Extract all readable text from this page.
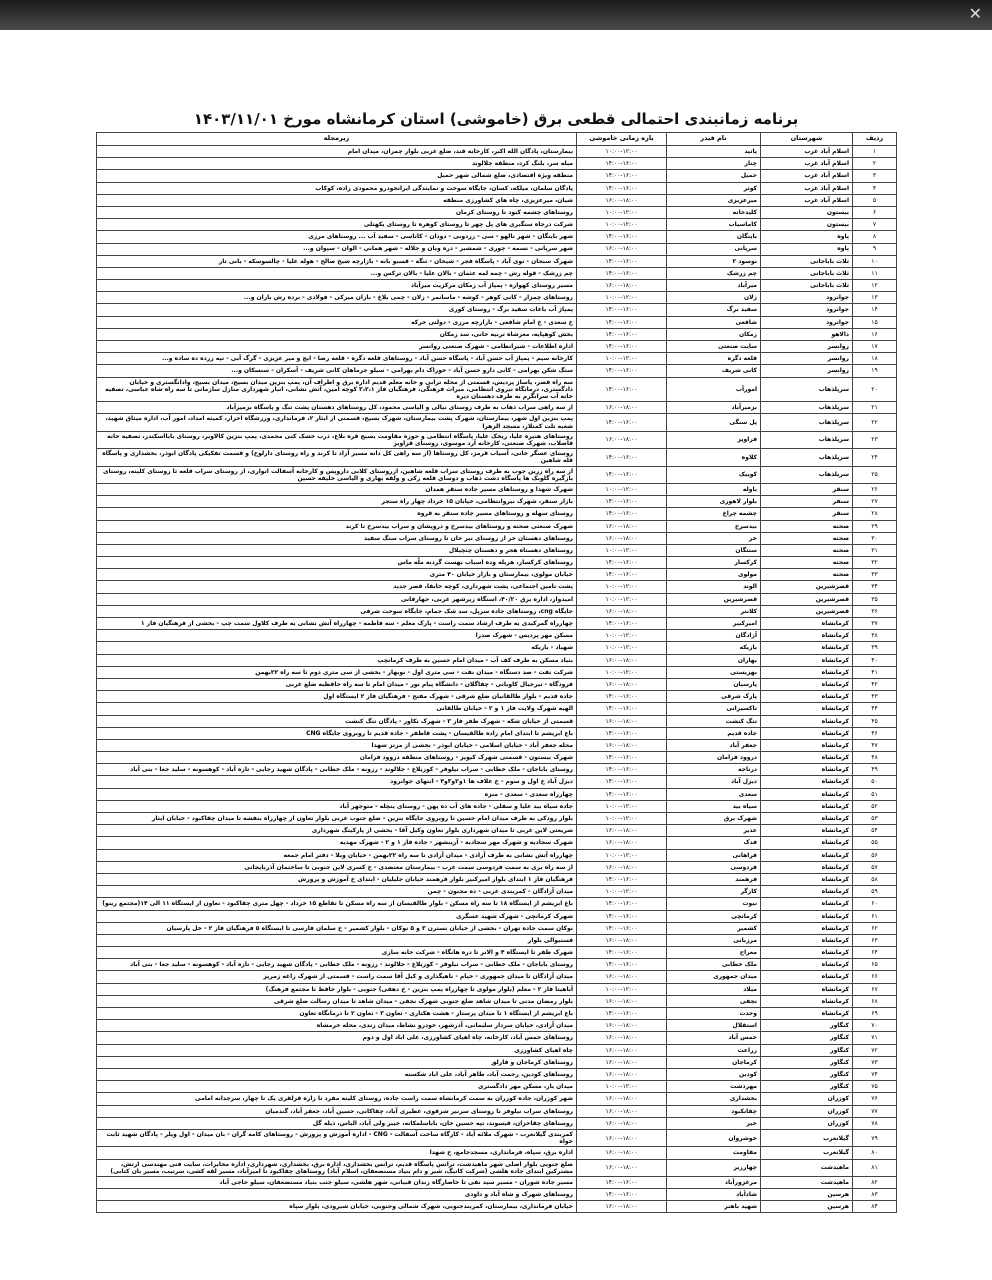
✕
برنامه زمانبندی احتمالی قطعی برق (خاموشی) استان کرمانشاه مورخ ۱۴۰۳/۱۱/۰۱
ردیف	شهرستان	نام فیدر	بازه زمانی خاموشی	زیرمجله
۱	اسلام آباد غرب	پاتید	۱۰:۰۰-۱۲:۰۰	بیمارستان، پادگان الله اکبر، کارخانه قند، ضلع غربی بلوار چمران، میدان امام
۲	اسلام آباد غرب	چنار	۱۴:۰۰-۱۶:۰۰	میله سر، بلنگ کرد، منطقه جلالوند
۳	اسلام آباد غرب	حمیل	۱۴:۰۰-۱۶:۰۰	منطقه ویژه اقتصادی، ضلع شمالی شهر حمیل
۴	اسلام آباد غرب	کوثر	۱۴:۰۰-۱۶:۰۰	پادگان سلمان، میلکه، کسان، جایگاه سوخت و نمایندگی ایرانخودرو محمودی زاده، کوکاب
۵	اسلام آباد غرب	میرعزیزی	۱۶:۰۰-۱۸:۰۰	شیان، میرعزیزی، چاه های کشاورزی منطقه
۶	بیستون	کلیدخانه	۱۰:۰۰-۱۲:۰۰	روستاهای چشمه کبود تا روستای کرمان
۷	بیستون	کاماسیاب	۱۰:۰۰-۱۲:۰۰	شرکت درجاه سنگبری های پل چهر تا روستای کوهره تا روستای یکهتلی
۸	پاوه	باینگان	۱۴:۰۰-۱۶:۰۰	شهر باینگان - شهر نالهو - سی - زردوبی - دودان - کاناسی - سفید آب ... روستاهای مرزی
۹	پاوه	سرپانی	۱۶:۰۰-۱۸:۰۰	شهر سرپانی - نسمه - چوری - شمشیر - دره ویان و جلاله - شهر همانی - الوان - سپوان و...
۱۰	ثلاث باباجانی	نوسود ۲	۱۴:۰۰-۱۶:۰۰	شهرک سبحان - نوی آباد - پاسگاه فجر - شیخان - تنگه - قسبو بانه - بازارچه شیخ صالح - هوله علیا - چالسوسکه - بانی تار
۱۱	ثلاث باباجانی	چم زرشک	۱۴:۰۰-۱۶:۰۰	چم زرشک - قوله رش - چمه لمه عثمان - بالان علیا - بالان ترکس و...
۱۲	ثلاث باباجانی	میرآباد	۱۶:۰۰-۱۸:۰۰	مسیر روستای کهواره - پمپاژ آب زمکان مرکزیت میرآباد
۱۳	جوانرود	زلان	۱۰:۰۰-۱۲:۰۰	روستاهای چمزار - کانی کوهر - کوشه - ماسانمر - زلان - چمی بلاغ - بازان میرکی - فولادی - برده رش باران و...
۱۴	جوانرود	سفید برگ	۱۴:۰۰-۱۶:۰۰	پمپاژ آب باغات سفید برگ - روستای کوری
۱۵	جوانرود	شافعی	۱۴:۰۰-۱۶:۰۰	خ سعدی - خ امام شافعی - بازارچه مرزی - دولتی خرکه
۱۶	دالاهو	زمکان	۱۴:۰۰-۱۶:۰۰	بخش کوهپایه، مغرشاه تربیه خانی، سد زمکان
۱۷	روانسر	سایت صنعتی	۱۴:۰۰-۱۶:۰۰	اداره اطلاعات - شیرانظامی - شهرک صنعتی روانسر
۱۸	روانسر	قلعه دگره	۱۰:۰۰-۱۲:۰۰	کارخانه سیم - پمپاژ آب حسن آباد - پاسگاه حسن آباد - روستاهای قلعه دگره - قلعه رضا - ایج و میر عزیزی - گرگ آبی - تپه زرده ده ساده و...
۱۹	روانسر	کانی شریف	۱۴:۰۰-۱۶:۰۰	سنگ شکن بهرامی - کانی دارو حسن آباد - خوراک دام بهرامی - سیلو جرماهان کانی شریف - آسکران - سنسکان و...
۲۰	سرپلذهاب	امورآب	۱۴:۰۰-۱۶:۰۰	سه راه قصر، پاساژ پردیس، قسمتی از محله ترابی و خانه معلم قدیم اداره برق و اطراف آن، پمپ بنزین میدان بسیج، میدان بسیج، وادانگستری و خیابان دادگستری، درمانگاه نیروی انتظامی، میراث فرهنگی، فرهنگیان فاز ۳،۲،۱ کوچه امین، آتش نشانی، انبار شهرداری منازل سازمانی تا سه راه شاه عباسی، تصفیه خانه آب سرانگرم به طرف دهستان دیره
۲۱	سرپلذهاب	بزمیرآباد	۱۶:۰۰-۱۸:۰۰	از سه راهی سراب ذهاب به طرف روستای نیالی و الیاسی محمود، کل روستاهای دهستان پشت تنگ و پاسگاه بزمیرآباد
۲۲	سرپلذهاب	پل سنگی	۱۴:۰۰-۱۶:۰۰	پمپ بنزین اول شهر، بیمارستان، شهرک پشت بیمارستان، شهرک بسیج، قسمتی از ایثار ۲، فرمانداری، ورزشگاه احرار، کمیته امداد، امور آب، اداره میثاق شهید، شعبه تلت کمتلار، مسجد الزهرا
۲۳	سرپلذهاب	فراویز	۱۶:۰۰-۱۸:۰۰	روستاهای هنیره علیا، ریخک علیا، پاسگاه انتظامی و حوزه مقاومت بسیج قره بلاغ، درب خشک کنی محمدی، پمپ بنزین کالاویر، روستای بابااسکندر، تصفیه خانه فاضلاب، شهرک صنعتی، کارخانه آرد موسوی، روستای قراویز
۲۴	سرپلذهاب	کلاوه	۱۴:۰۰-۱۶:۰۰	روستای عسگر خانی، آسیاب قرمز، کل روستاها (از سه راهی کل دانه مسیر آزاد تا کرند و راه روستای دارلوخ) و قسمت تفکیکی پادگان ابوذر، بخشداری و پاسگاه قله شاهین
۲۵	سرپلذهاب	کوییک	۱۴:۰۰-۱۶:۰۰	از سه راه زرین جوب به طرف روستای سراب قلعه شاهین، ازروستای کلانی داروپس و کارخانه آسفالت انواری، از روستای سراب قلعه تا روستای کلینه، روستای بازگیره گلوبک ها پاسگاه دشت ذهاب و دوسای قلعه زکی و ولقه بهاری و الیاسی خلیفه حسین
۲۶	سنقر	باوله	۱۰:۰۰-۱۲:۰۰	شهرک شهدا و روستاهای مسیر جاده سنقر همدان
۲۷	سنقر	بلوار لاهوری	۱۴:۰۰-۱۶:۰۰	بازار سنقر، شهرک نیروانتظامی، خیابان ۱۵ خرداد چهار راه سنجر
۲۸	سنقر	چشمه چراغ	۱۴:۰۰-۱۶:۰۰	روستای سهله و روستاهای مسیر جاده سنقر به قروه
۲۹	صحنه	بیدسرخ	۱۶:۰۰-۱۸:۰۰	شهرک صنعتی صحنه و روستاهای بیدسرخ و دروپشان و سراب بیدسرخ تا کرند
۳۰	صحنه	خر	۱۶:۰۰-۱۸:۰۰	روستاهای دهستان خر از روستای نیر خان تا روستای سراب سنگ سفید
۳۱	صحنه	سنتگان	۱۰:۰۰-۱۲:۰۰	روستاهای دهستاه هجر و دهستان چنچیلال
۳۲	صحنه	کرکسار	۱۴:۰۰-۱۶:۰۰	روستاهای کرکسار، هریله وده اسیاب بهست گردنه ملّه ماس
۳۳	صحنه	مولوی	۱۴:۰۰-۱۶:۰۰	خیابان مولوی، بیمارستان و بازار خیابان ۴۰ متری
۳۴	قصرشیرین	الوند	۱۰:۰۰-۱۲:۰۰	پشت تامین اجتماعی، پشت شهرداری، کوچه خانقا، قصر جدید
۳۵	قصرشیرین	قصرشیرین	۱۰:۰۰-۱۲:۰۰	امیدوار، اداره برق ۴۰/۲۰، استگاه زیرشهر غربی، جهارفانی
۳۶	قصرشیرین	کلانتر	۱۶:۰۰-۱۸:۰۰	جایگاه cng، روستاهای جاده سرپل، سد شک حمام، جایگاه سوخت شرفی
۳۷	کرمانشاه	امیرکبیر	۱۴:۰۰-۱۶:۰۰	چهارراه گمرکیدی به طرف ارشاد سمت راست - پارک معلم - سه فاطمه - چهارراه آتش نشانی به طرف کلاول سمت چپ - بخشی از فرهنگیان فاز ۱
۳۸	کرمانشاه	آزادگان	۱۰:۰۰-۱۲:۰۰	مسکن مهر پردیس - شهرک صدرا
۳۹	کرمانشاه	بازیکه	۱۰:۰۰-۱۲:۰۰	شهیاد - بازیکه
۴۰	کرمانشاه	بهاران	۱۶:۰۰-۱۸:۰۰	بنیاد مسکن به طرف کف آب - میدان امام حسین به طرف کرمانچپ
۴۱	کرمانشاه	بهزیستی	۱۰:۰۰-۱۲:۰۰	شرکت نفت - صد دستگاه - میدان نفت - سی متری اول - نوبهار - بخشی از سی متری دوم تا سه راه ۲۲بهمن
۴۲	کرمانشاه	پارسیان	۱۶:۰۰-۱۸:۰۰	فرودگاه - تیرجیال کاوبانی - چقاگلان - دانشگاه پیام نور - میدان امام تا سه راه حافظیه ضلع غربی
۴۳	کرمانشاه	پارک شرقی	۱۴:۰۰-۱۶:۰۰	جاده قدیم - بلوار طالقانیان ضلع شرقی - شهرک مفتح - فرهنگیان فاز ۲ ایستگاه اول
۴۴	کرمانشاه	تاکسیرانی	۱۴:۰۰-۱۶:۰۰	الهیه شهرک ولایت فاز ۱ و ۲ - خیابان طالقانی
۴۵	کرمانشاه	تنگ کنشت	۱۶:۰۰-۱۸:۰۰	قسمتی از خیابان شکه - شهرک ظفر فاز ۳ - شهرک نکاور - پادگان تنگ کنشت
۴۶	کرمانشاه	جاده قدیم	۱۴:۰۰-۱۶:۰۰	باغ ابریشم تا ابتدای امام زاده طالقیسان - پشت قاطفر - جاده قدیم تا روبروی جایگاه CNG
۴۷	کرمانشاه	جعفر آباد	۱۶:۰۰-۱۸:۰۰	محله جعفر آباد - خیابان اسلامی - خیابان ابوذر - بخشی از مرتز شهدا
۴۸	کرمانشاه	دروود فرامان	۱۴:۰۰-۱۶:۰۰	شهرک بیستون - قسمتی شهرک کیویز - روستاهای منطقه دروود فرامان
۴۹	کرمانشاه	درناجه	۱۴:۰۰-۱۶:۰۰	روستای باباجان - ملک خطابی - سراب نیلوفر - کوزیلاغ - جلالوند - رزونه - ملک خطابی - پادگان شهید رجایی - تازه آباد - کوهسونه - سلید جغا - بنی آباد
۵۰	کرمانشاه	دیزل آباد	۱۴:۰۰-۱۶:۰۰	دیزل آباد خ اول و سوم - خ علاف ها ۱و۲و۳و۴ - انتهای جوانرود
۵۱	کرمانشاه	سعدی	۱۴:۰۰-۱۶:۰۰	چهارراه سعدی - سعدی - منزه
۵۲	کرمانشاه	سیاه بید	۱۰:۰۰-۱۲:۰۰	جاده سیاه بید علیا و سفلی - جاده های آب ده پهن - روستای ینچله - متوجهر آباد
۵۳	کرمانشاه	شهرک برق	۱۰:۰۰-۱۲:۰۰	بلوار رودکی به طرف میدان امام حسین تا روبروی جایگاه بنزین - ضلع جنوب غربی بلوار تعاون از چهارراه بنفشه تا میدان چقاکبود - خیابان ایثار
۵۴	کرمانشاه	عدیر	۱۶:۰۰-۱۸:۰۰	شریعتی لاین غربی تا میدان شهرداری بلوار تعاون وکیل آقا - بخشی از پارکینگ شهرداری
۵۵	کرمانشاه	فدک	۱۶:۰۰-۱۸:۰۰	شهرک سجادیه و شهرک مهر سجادیه - آرینشهر - جاده فاز ۱ و ۲ - شهرک مهدیه
۵۶	کرمانشاه	فراهانی	۱۰:۰۰-۱۲:۰۰	چهارراه آتش نشانی به طرف آزادی - میدان آزادی تا سه راه ۲۲بهمن - خیابان ویلا - دفتر امام جمعه
۵۷	کرمانشاه	فردوسی	۱۶:۰۰-۱۸:۰۰	از سه راه بری به سمت فردوسی سمت غرب - بیمارستان معتضدی - خ کسری لاین جنوبی تا ساختمان آذربایجانی
۵۸	کرمانشاه	فرهمند	۱۴:۰۰-۱۶:۰۰	فرهنگیان فاز ۱ ابتدای بلوار امیرکبیر بلوار فرهمند خیابان جلیلیان - ابتدای خ آموزش و پرورش
۵۹	کرمانشاه	کارگر	۱۰:۰۰-۱۲:۰۰	میدان آزادگان - کمربندی غربی - ده مجنون - چمن
۶۰	کرمانشاه	نیوت	۱۴:۰۰-۱۶:۰۰	باغ ابریشم از ایستگاه ۱۸ تا سه راه مسکن - بلوار طالقیسان از سه راه مسکن تا تقاطع ۱۵ خرداد - چهل متری چقاکبود - تعاون از ایستگاه ۱۱ الی ۱۴(مجتمع ربنو)
۶۱	کرمانشاه	کرمانچی	۱۴:۰۰-۱۶:۰۰	شهرک کرمانچی - شهرک شهید عسگری
۶۲	کرمانشاه	کشمیر	۱۴:۰۰-۱۶:۰۰	نوکان سمت جاده تهران - بخشی از خیابان نسترن ۳ و ۵ نوکان - بلوار کشمیر - خ سلمان فارسی تا ایستگاه ۵ فرهنگیان فاز ۲ - خل پارسیان
۶۳	کرمانشاه	مرزبانی	۱۶:۰۰-۱۸:۰۰	فستیوالی بلوار
۶۴	کرمانشاه	معراج	۱۴:۰۰-۱۶:۰۰	شهرک ظفر تا ایستگاه ۴ و الانر تا دره هانگاه - شرکت خانه سازی
۶۵	کرمانشاه	ملک خطابی	۱۴:۰۰-۱۶:۰۰	روستای باباجان - ملک خطابی - سراب نیلوفر - کوزیلاغ - جلالوند - رزونه - ملک خطابی - پادگان شهید رجایی - تازه آباد - کوهسونه - سلید جغا - بنی آباد
۶۶	کرمانشاه	میدان جمهوری	۱۶:۰۰-۱۸:۰۰	میدان آزادگان تا میدان جمهوری - خیام - ناهیگذاری و کیل آقا سمت راست - قسمتی از شهرک زاغه زمریز
۶۷	کرمانشاه	میلاد	۱۰:۰۰-۱۲:۰۰	آناهیتا فاز ۲ - معلم (بلوار مولوی تا چهارراه پمپ بنزین - خ دهقی) جنوبی - بلوار حافظ تا مجتمع فرهنگ)
۶۸	کرمانشاه	نجفی	۱۶:۰۰-۱۸:۰۰	بلوار رمضان مدنی تا میدان شاهد ضلع جنوبی شهرک نجفی - میدان شاهد تا میدان رسالت ضلع شرقی
۶۹	کرمانشاه	وحدت	۱۴:۰۰-۱۶:۰۰	باغ ابریشم از ایستگاه ۱ تا میدان پرستار - هشت هکتاری - تعاون ۳ - تعاون ۲ تا درمانگاه تعاون
۷۰	کنگاور	استقلال	۱۶:۰۰-۱۸:۰۰	میدان آزادی، خیابان سردار سلیمانی، آذرشهر، خودرو نشاط، میدان زندی، محله خرمشاه
۷۱	کنگاور	خمس آباد	۱۶:۰۰-۱۸:۰۰	روستاهای خمس آباد، کارخانه، چاه اهیای کشاورزی، علی اباد اول و دوم
۷۲	کنگاور	زراعت	۱۶:۰۰-۱۸:۰۰	چاه اهیای کشاورزی
۷۳	کنگاور	کرماجان	۱۶:۰۰-۱۸:۰۰	روستاهای کرماجان و قارلق
۷۴	کنگاور	کودین	۱۶:۰۰-۱۸:۰۰	روستاهای کودین، رحمت آباد، طاهر آباد، علی اباد شکسته
۷۵	کنگاور	مهردشت	۱۰:۰۰-۱۲:۰۰	میدان باز، مسکن مهر دادگستری
۷۶	کوزران	بخشداری	۱۶:۰۰-۱۸:۰۰	شهر کوزران، جاده کوزران به سمت کرمانشاه سمت راست جاده، روستای کلینه مفرد تا زاره قزلقری یک تا چهار، سرجدانه امامی
۷۷	کوزران	چقانکبود	۱۶:۰۰-۱۸:۰۰	روستاهای سراب نیلوفر تا روستای سرنیر شرقوی، غطیری آباد، چقاکانی، حسین آباد، جعفر آباد، گندمیان
۷۸	کوزران	خیر	۱۶:۰۰-۱۸:۰۰	روستاهای چقاخزان، قیسوند، تپه حسین خان، باباسلمکانه، خیبر ولی آباد، الیاس، ذیله گل
۷۹	گیلانغرب	خوشروان	۱۶:۰۰-۱۸:۰۰	کمربندی گیلانغرب - شهرک ملائه آباد - کارگاه ساخت آسفالت - CNG - اداره آموزش و پرورش - روستاهای کامه گران - بان میدان - اول ویلر - پادگان شهید ثابت خواه
۸۰	گیلانغرب	مقاومت	۱۶:۰۰-۱۸:۰۰	اداره برق، سپاه، فرمانداری، مسجدجامع، خ شهدا
۸۱	ماهیدشت	چهارزبر	۱۶:۰۰-۱۸:۰۰	ضلع جنوبی بلوار اصلی شهر ماهیدشت، ترانس پاسگاه قدیم، ترانس بخشداری، اداره برق، بخشداری، شهرداری، اداره مخابرات، سایت فنی مهندسی ارتش، مشترکین ابتدای جاده هلشی (شرکت کاتیگ، شیر و دام بنیاد مستضعفان، اسلام آباد) روستاهای چقاکبود تا امیرآباد، مسیر لقه کشی، سرتیب، مسیر بان کتابی)
۸۲	ماهیدشت	مرغزورآباد	۱۴:۰۰-۱۶:۰۰	مسیر جاده شوران - مسیر سید نقی تا خاضارگاه زندان قبیانی، شهر هلشی، سیلو جنب بنیاد مستضعفان، سیلو حاجی آباد
۸۳	هرسین	شادآباد	۱۴:۰۰-۱۶:۰۰	روستاهای شهرک و شاه آباد و داودی
۸۴	هرسین	شهید باهنر	۱۶:۰۰-۱۸:۰۰	خیابان فرمانداری، بیمارستان، کمربندجنوبی، شهرک شمالی وجنوبی، خیابان شیرودی، بلوار سپاه
